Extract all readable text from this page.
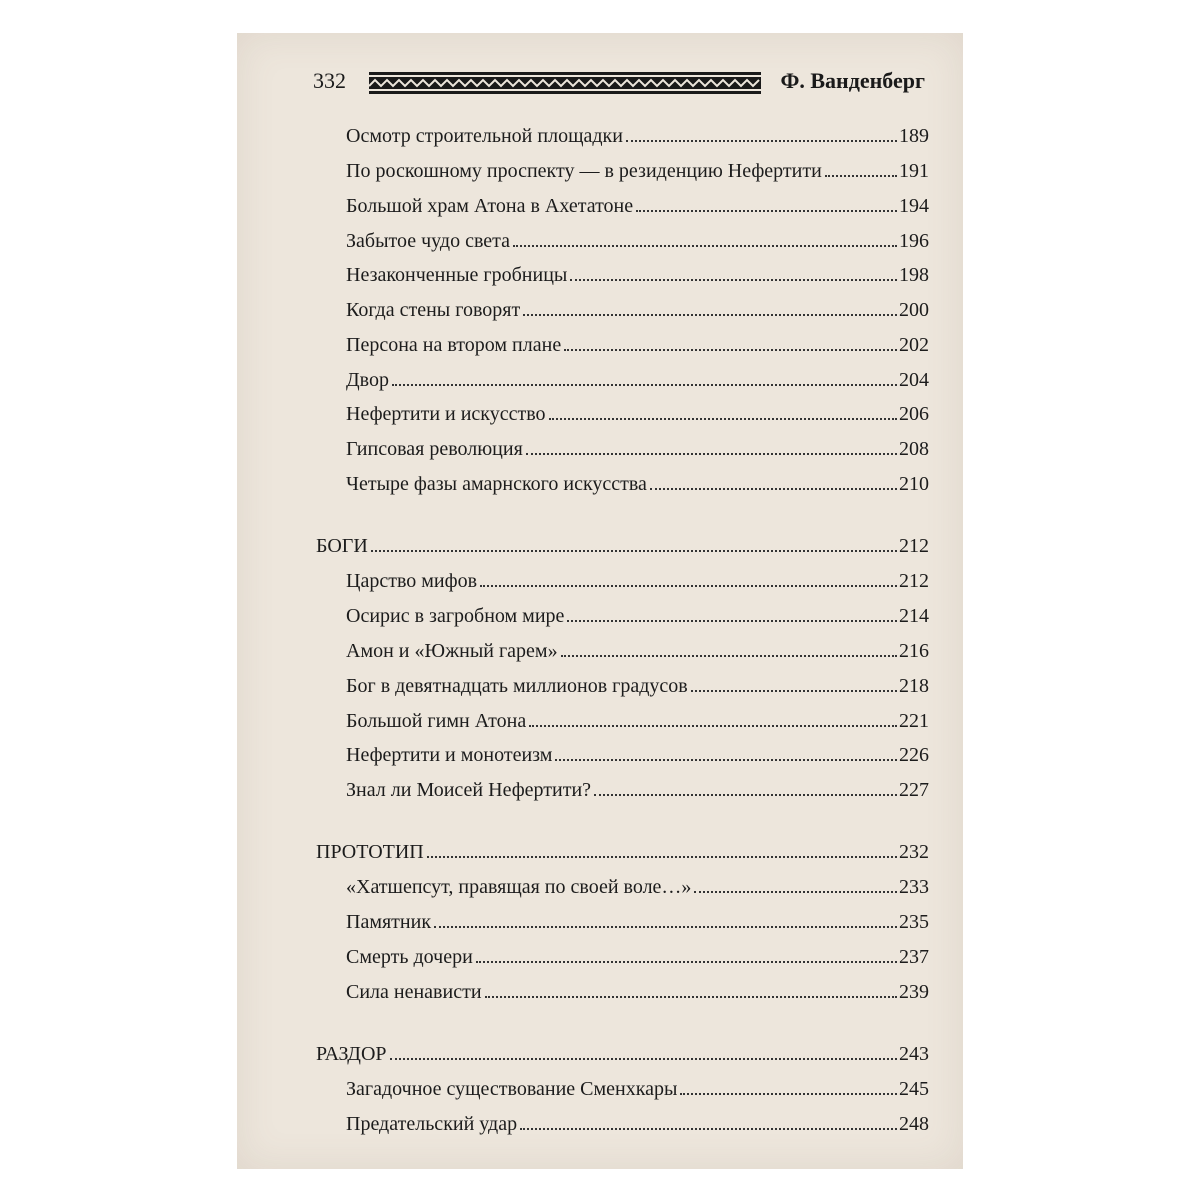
332	Ф. Ванденберг
Осмотр строительной площадки	189
По роскошному проспекту — в резиденцию Нефертити	191
Большой храм Атона в Ахетатоне	194
Забытое чудо света	196
Незаконченные гробницы	198
Когда стены говорят	200
Персона на втором плане	202
Двор	204
Нефертити и искусство	206
Гипсовая революция	208
Четыре фазы амарнского искусства	210
БОГИ	212
Царство мифов	212
Осирис в загробном мире	214
Амон и «Южный гарем»	216
Бог в девятнадцать миллионов градусов	218
Большой гимн Атона	221
Нефертити и монотеизм	226
Знал ли Моисей Нефертити?	227
ПРОТОТИП	232
«Хатшепсут, правящая по своей воле…»	233
Памятник	235
Смерть дочери	237
Сила ненависти	239
РАЗДОР	243
Загадочное существование Сменхкары	245
Предательский удар	248
